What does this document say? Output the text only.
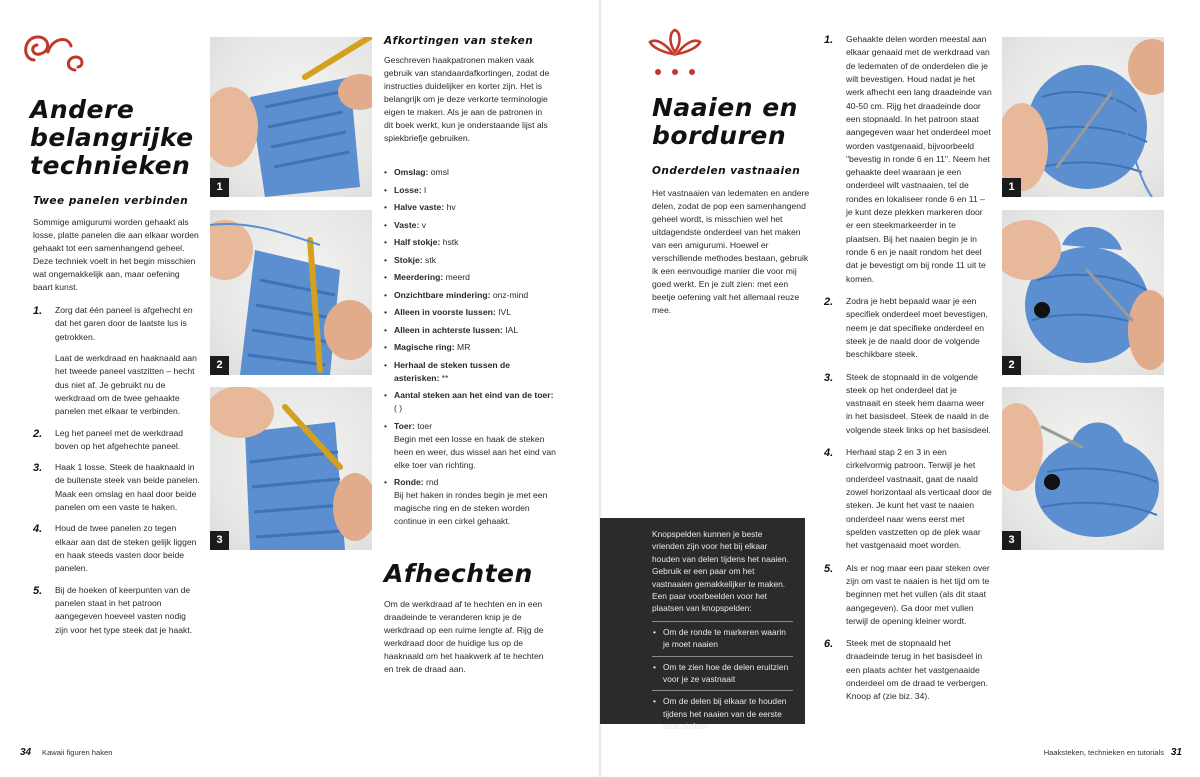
Andere belangrijke technieken
Twee panelen verbinden

Sommige amigurumi worden gehaakt als losse, platte panelen die aan elkaar worden gehaakt tot een samenhangend geheel. Deze techniek voelt in het begin misschien wat ongemakkelijk aan, maar oefening baart kunst.

1. Zorg dat één paneel is afgehecht en dat het garen door de laatste lus is getrokken.
Laat de werkdraad en haaknaald aan het tweede paneel vastzitten – hecht dus niet af. Je gebruikt nu de werkdraad om de twee gehaakte panelen met elkaar te verbinden.
2. Leg het paneel met de werkdraad boven op het afgehechte paneel.
3. Haak 1 losse. Steek de haaknaald in de buitenste steek van beide panelen. Maak een omslag en haal door beide panelen om een vaste te haken.
4. Houd de twee panelen zo tegen elkaar aan dat de steken gelijk liggen en haak steeds vasten door beide panelen.
5. Bij de hoeken of keerpunten van de panelen staat in het patroon aangegeven hoeveel vasten nodig zijn voor het type steek dat je haakt.
1
2
3
Afkortingen van steken

Geschreven haakpatronen maken vaak gebruik van standaardafkortingen, zodat de instructies duidelijker en korter zijn. Het is belangrijk om je deze verkorte terminologie eigen te maken. Als je aan de patronen in dit boek werkt, kun je onderstaande lijst als spiekbriefje gebruiken.

• Omslag: omsl
• Losse: l
• Halve vaste: hv
• Vaste: v
• Half stokje: hstk
• Stokje: stk
• Meerdering: meerd
• Onzichtbare mindering: onz-mind
• Alleen in voorste lussen: IVL
• Alleen in achterste lussen: IAL
• Magische ring: MR
• Herhaal de steken tussen de asterisken: **
• Aantal steken aan het eind van de toer: ( )
• Toer: toer
Begin met een losse en haak de steken heen en weer, dus wissel aan het eind van elke toer van richting.
• Ronde: rnd
Bij het haken in rondes begin je met een magische ring en de steken worden continue in een cirkel gehaakt.
Afhechten

Om de werkdraad af te hechten en in een draadeinde te veranderen knip je de werkdraad op een ruime lengte af. Rijg de werkdraad door de huidige lus op de haaknaald om het haakwerk af te hechten en trek de draad aan.

34 Kawaii figuren haken
Naaien en borduren
Onderdelen vastnaaien

Het vastnaaien van ledematen en andere delen, zodat de pop een samenhangend geheel wordt, is misschien wel het uitdagendste onderdeel van het maken van een amigurumi. Hoewel er verschillende methodes bestaan, gebruik ik een eenvoudige manier die voor mij goed werkt. En je zult zien: met een beetje oefening valt het allemaal reuze mee.

Knopspelden kunnen je beste vrienden zijn voor het bij elkaar houden van delen tijdens het naaien. Gebruik er een paar om het vastnaaien gemakkelijker te maken. Een paar voorbeelden voor het plaatsen van knopspelden:

• Om de ronde te markeren waarin je moet naaien
• Om te zien hoe de delen eruitzien voor je ze vastnaait
• Om de delen bij elkaar te houden tijdens het naaien van de eerste paar steken
1. Gehaakte delen worden meestal aan elkaar genaaid met de werkdraad van de ledematen of de onderdelen die je wilt bevestigen. Houd nadat je het werk afhecht een lang draadeinde van 40-50 cm. Rijg het draadeinde door een stopnaald. In het patroon staat aangegeven waar het onderdeel moet worden vastgenaaid, bijvoorbeeld "bevestig in ronde 6 en 11". Neem het gehaakte deel waaraan je een onderdeel wilt vastnaaien, tel de rondes en lokaliseer ronde 6 en 11 – je kunt deze plekken markeren door er een steekmarkeerder in te plaatsen. Bij het naaien begin je in ronde 6 en je naait rondom het deel dat je bevestigt om bij ronde 11 uit te komen.
2. Zodra je hebt bepaald waar je een specifiek onderdeel moet bevestigen, neem je dat specifieke onderdeel en steek je de naald door de volgende beschikbare steek.
3. Steek de stopnaald in de volgende steek op het onderdeel dat je vastnaait en steek hem daarna weer in het basisdeel. Steek de naald in de volgende steek links op het basisdeel.
4. Herhaal stap 2 en 3 in een cirkelvormig patroon. Terwijl je het onderdeel vastnaait, gaat de naald zowel horizontaal als verticaal door de steken. Je kunt het vast te naaien onderdeel naar wens eerst met spelden vastzetten op de plek waar het vastgenaaid moet worden.
5. Als er nog maar een paar steken over zijn om vast te naaien is het tijd om te beginnen met het vullen (als dit staat aangegeven). Ga door met vullen terwijl de opening kleiner wordt.
6. Steek met de stopnaald het draadeinde terug in het basisdeel in een plaats achter het vastgenaaide onderdeel om de draad te verbergen. Knoop af (zie biz. 34).
1
2
3
Haaksteken, technieken en tutorials 31
